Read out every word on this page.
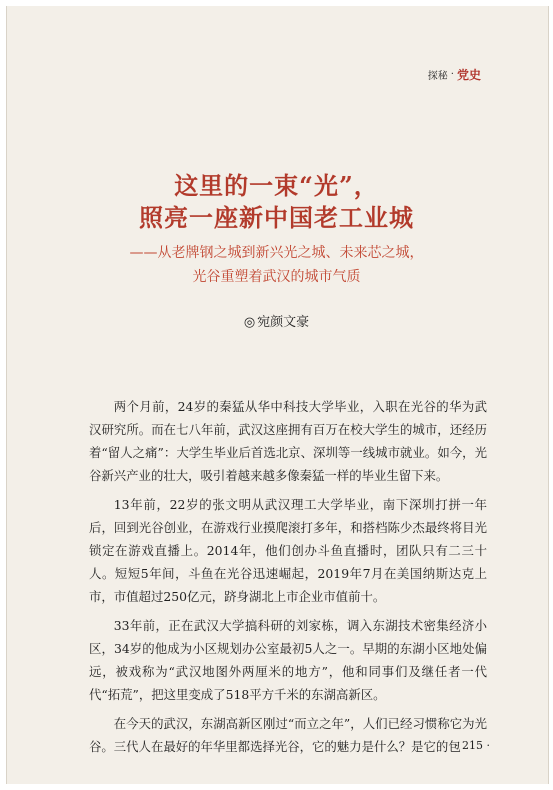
探秘 · 党史
这里的一束“光”，
照亮一座新中国老工业城
——从老牌钢之城到新兴光之城、未来芯之城，
光谷重塑着武汉的城市气质
◎ 宛颜文豪

两个月前，24岁的秦猛从华中科技大学毕业，入职在光谷的华为武汉研究所。而在七八年前，武汉这座拥有百万在校大学生的城市，还经历着“留人之痛”：大学生毕业后首选北京、深圳等一线城市就业。如今，光谷新兴产业的壮大，吸引着越来越多像秦猛一样的毕业生留下来。

13年前，22岁的张文明从武汉理工大学毕业，南下深圳打拼一年后，回到光谷创业，在游戏行业摸爬滚打多年，和搭档陈少杰最终将目光锁定在游戏直播上。2014年，他们创办斗鱼直播时，团队只有二三十人。短短5年间，斗鱼在光谷迅速崛起，2019年7月在美国纳斯达克上市，市值超过250亿元，跻身湖北上市企业市值前十。

33年前，正在武汉大学搞科研的刘家栋，调入东湖技术密集经济小区，34岁的他成为小区规划办公室最初5人之一。早期的东湖小区地处偏远，被戏称为“武汉地图外两厘米的地方”，他和同事们及继任者一代代“拓荒”，把这里变成了518平方千米的东湖高新区。

在今天的武汉，东湖高新区刚过“而立之年”，人们已经习惯称它为光谷。三代人在最好的年华里都选择光谷，它的魅力是什么？是它的包

· 215 ·
